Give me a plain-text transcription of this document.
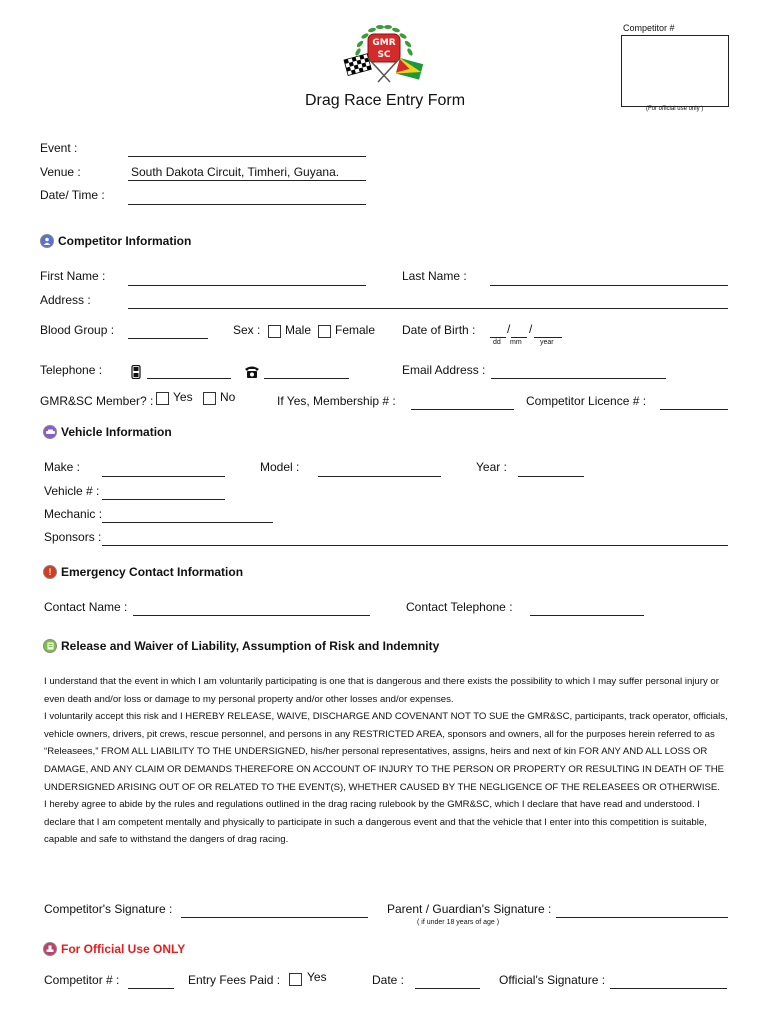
GMR
SC
Drag Race Entry Form
Competitor #
(For official use only )
Event :
Venue :	South Dakota Circuit, Timheri, Guyana.
Date/ Time :
Competitor Information
First Name :	Last Name :
Address :
Blood Group :	Sex : Male Female Date of Birth :	/ /
dd mm	year
Telephone :	Email Address :
GMR&SC Member? : Yes No	If Yes, Membership # :	Competitor Licence # :
Vehicle Information
Make :	Model :	Year :
Vehicle # :
Mechanic :
Sponsors :
! Emergency Contact Information
Contact Name :	Contact Telephone :
Release and Waiver of Liability, Assumption of Risk and Indemnity

I understand that the event in which I am voluntarily participating is one that is dangerous and there exists the possibility to which I may suffer personal injury or even death and/or loss or damage to my personal property and/or other losses and/or expenses.

I voluntarily accept this risk and I HEREBY RELEASE, WAIVE, DISCHARGE AND COVENANT NOT TO SUE the GMR&SC, participants, track operator, officials, vehicle owners, drivers, pit crews, rescue personnel, and persons in any RESTRICTED AREA, sponsors and owners, all for the purposes herein referred to as “Releasees,” FROM ALL LIABILITY TO THE UNDERSIGNED, his/her personal representatives, assigns, heirs and next of kin FOR ANY AND ALL LOSS OR DAMAGE, AND ANY CLAIM OR DEMANDS THEREFORE ON ACCOUNT OF INJURY TO THE PERSON OR PROPERTY OR RESULTING IN DEATH OF THE UNDERSIGNED ARISING OUT OF OR RELATED TO THE EVENT(S), WHETHER CAUSED BY THE NEGLIGENCE OF THE RELEASEES OR OTHERWISE.

I hereby agree to abide by the rules and regulations outlined in the drag racing rulebook by the GMR&SC, which I declare that have read and understood. I declare that I am competent mentally and physically to participate in such a dangerous event and that the vehicle that I enter into this competition is suitable, capable and safe to withstand the dangers of drag racing.

Competitor's Signature :	Parent / Guardian's Signature :
( if under 18 years of age )
For Official Use ONLY
Competitor # :	Entry Fees Paid : Yes	Date :	Official's Signature :
